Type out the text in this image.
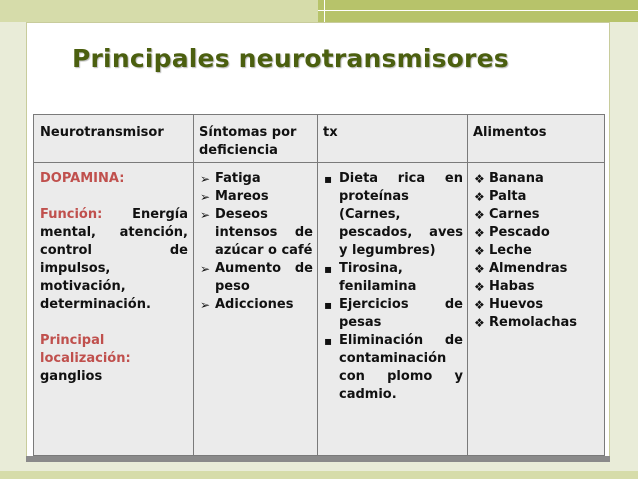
Principales neurotransmisores
Neurotransmisor	Síntomas por deficiencia
tx	Alimentos
DOPAMINA:
Función: Energía mental, atención, control de impulsos, motivación, determinación.
Principal localización:
ganglios
➢ Fatiga
➢ Mareos
➢ Deseos intensos de azúcar o café
➢ Aumento de peso
➢ Adicciones
▪ Dieta rica en proteínas (Carnes, pescados, aves y legumbres)
▪ Tirosina, fenilamina
▪ Ejercicios de pesas
▪ Eliminación de contaminación con plomo y cadmio.
❖ Banana
❖ Palta
❖ Carnes
❖ Pescado
❖ Leche
❖ Almendras
❖ Habas
❖ Huevos
❖ Remolachas
